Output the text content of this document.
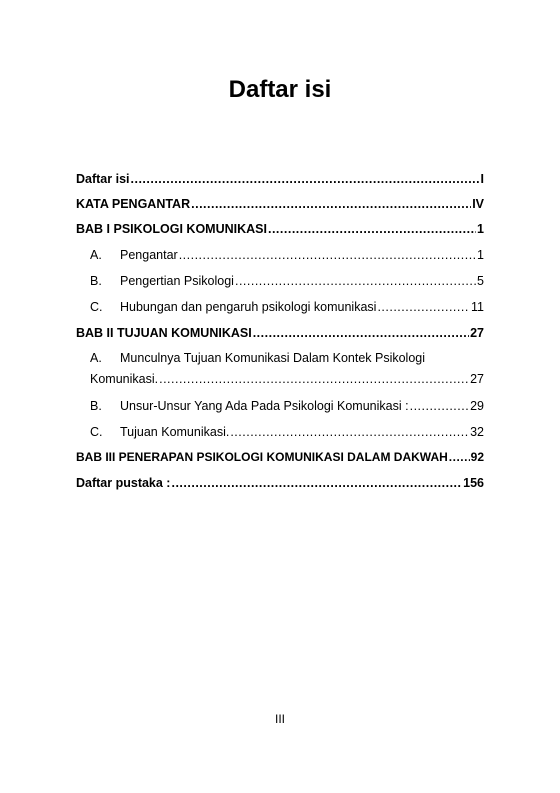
Daftar isi
Daftar isi .....	I
KATA PENGANTAR .....	IV
BAB I PSIKOLOGI KOMUNIKASI .....	1
A. Pengantar .....	1
B. Pengertian Psikologi .....	5
C. Hubungan dan pengaruh psikologi komunikasi .....	11
BAB II TUJUAN KOMUNIKASI .....	27
A. Munculnya Tujuan Komunikasi Dalam Kontek Psikologi
Komunikasi. .....	27
B. Unsur-Unsur Yang Ada Pada Psikologi Komunikasi : .....	29
C. Tujuan Komunikasi. .....	32
BAB III PENERAPAN PSIKOLOGI KOMUNIKASI DALAM DAKWAH ..... 92
Daftar pustaka : .....	156
III
